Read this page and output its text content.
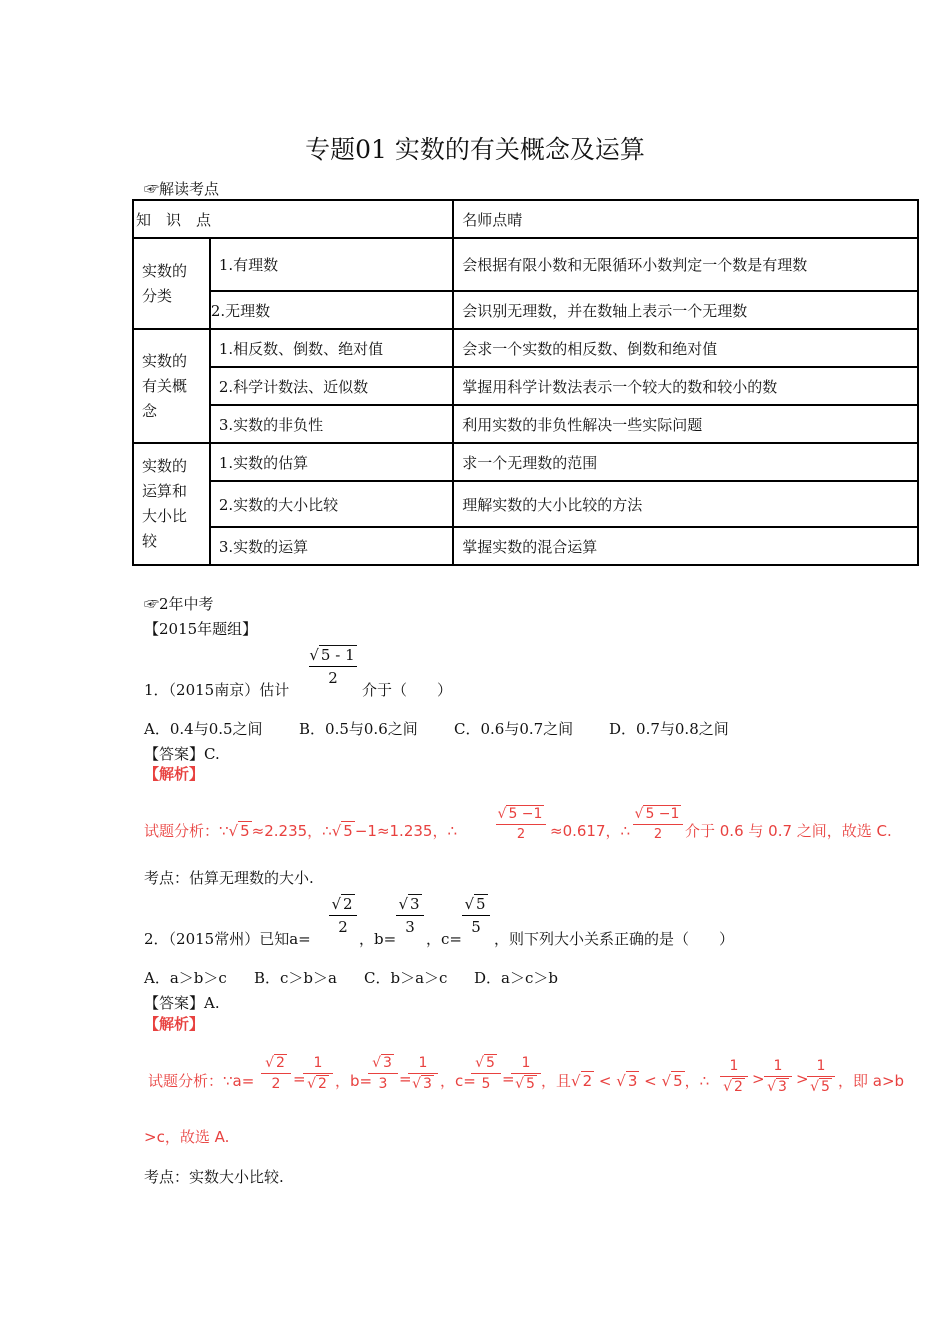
专题01 实数的有关概念及运算
☞解读考点
知　识　点		名师点晴
实数的分类	1.有理数	会根据有限小数和无限循环小数判定一个数是有理数
	2.无理数	会识别无理数，并在数轴上表示一个无理数
实数的有关概念	1.相反数、倒数、绝对值	会求一个实数的相反数、倒数和绝对值
	2.科学计数法、近似数	掌握用科学计数法表示一个较大的数和较小的数
	3.实数的非负性	利用实数的非负性解决一些实际问题
实数的运算和大小比较	1.实数的估算	求一个无理数的范围
	2.实数的大小比较	理解实数的大小比较的方法
	3.实数的运算	掌握实数的混合运算
☞2年中考
【2015年题组】
1．（2015南京）估计
√ 5 - 1
2
介于（　　）
A．0.4与0.5之间 B．0.5与0.6之间 C．0.6与0.7之间 D．0.7与0.8之间
【答案】C.
【解析】
试题分析：∵√ 5 ≈2.235，∴√ 5 −1≈1.235，∴
√ 5 −1
2	≈0.617，∴
√ 5 −1
2	介于 0.6 与 0.7 之间，故选 C.
考点：估算无理数的大小.
2．（2015常州）已知a=
√ 2
2
，b=
√ 3
3
，c=
√ 5
5
，则下列大小关系正确的是（　　）
A．a＞b＞c B．c＞b＞a C．b＞a＞c D．a＞c＞b
【答案】A.
【解析】
试题分析：∵a=
√ 2
2 =
1
√ 2 ，b=
√ 3
3 =
1
√ 3 ，c=
√ 5
5 =
1
√ 5 ，且√ 2 < √ 3 < √ 5 ，∴
1
√ 2 >
1
√ 3 >
1
√ 5 ，即 a>b
>c，故选 A.
考点：实数大小比较.
